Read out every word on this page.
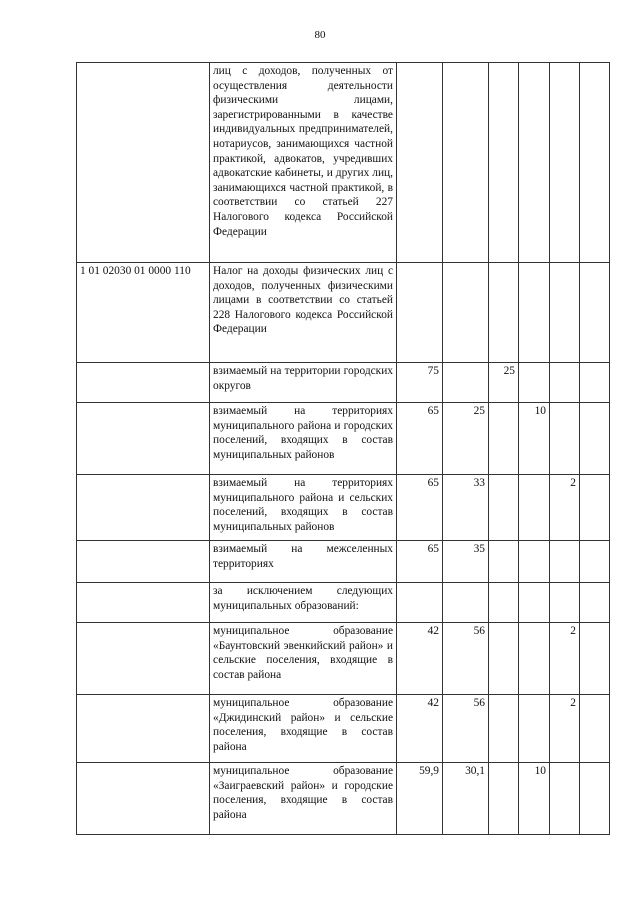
80
	лиц с доходов, полученных от осуществления деятельности физическими лицами, зарегистрированными в качестве индивидуальных предпринимателей, нотариусов, занимающихся частной практикой, адвокатов, учредивших адвокатские кабинеты, и других лиц, занимающихся частной практикой, в соответствии со статьей 227 Налогового кодекса Российской Федерации						
1 01 02030 01 0000 110	Налог на доходы физических лиц с доходов, полученных физическими лицами в соответствии со статьей 228 Налогового кодекса Российской Федерации						
	взимаемый на территории городских округов	75		25			
	взимаемый на территориях муниципального района и городских поселений, входящих в состав муниципальных районов	65	25		10		
	взимаемый на территориях муниципального района и сельских поселений, входящих в состав муниципальных районов	65	33			2	
	взимаемый на межселенных территориях	65	35				
	за исключением следующих муниципальных образований:						
	муниципальное образование «Баунтовский эвенкийский район» и сельские поселения, входящие в состав района	42	56			2	
	муниципальное образование «Джидинский район» и сельские поселения, входящие в состав района	42	56			2	
	муниципальное образование «Заиграевский район» и городские поселения, входящие в состав района	59,9	30,1		10		
